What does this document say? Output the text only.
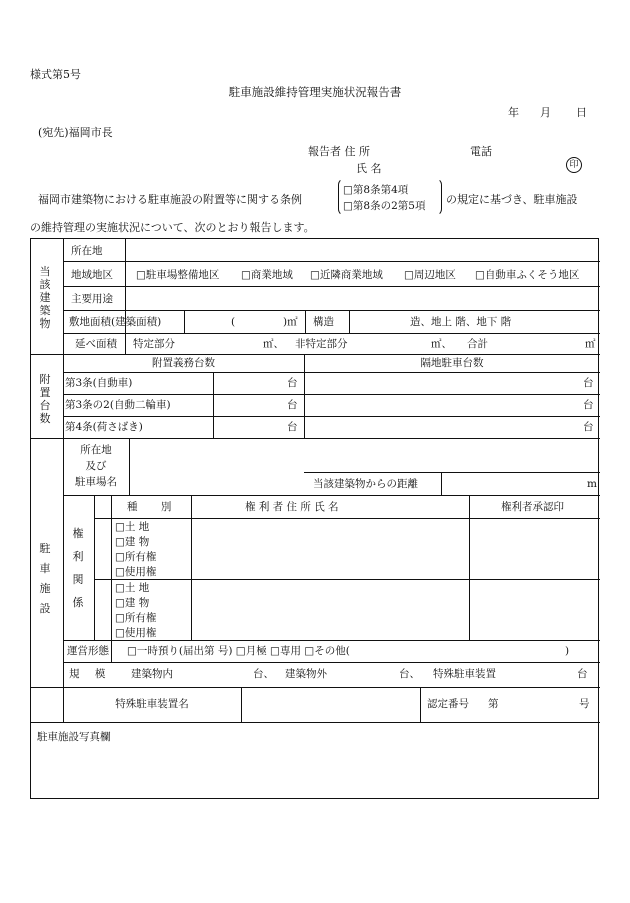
様式第5号
駐車施設維持管理実施状況報告書
年 月 日
(宛先)福岡市長
報告者 住 所	電話
氏 名	印
福岡市建築物における駐車施設の附置等に関する条例
□第8条第4項
□第8条の2第5項 の規定に基づき、駐車施設
の維持管理の実施状況について、次のとおり報告します。
当
該
建
築
物
所在地
地域地区 □駐車場整備地区 □商業地域 □近隣商業地域 □周辺地区 □自動車ふくそう地区
主要用途
敷地面積(建築面積)	(	)㎡ 構造	造、地上 階、地下 階
延べ面積 特定部分	㎡、 非特定部分	㎡、 合計	㎡
附
置
台
数
附置義務台数	隔地駐車台数
第3条(自動車)	台	台
第3条の2(自動二輪車)	台	台
第4条(荷さばき)	台	台
駐
車
施
設
所在地
及び
駐車場名	当該建築物からの距離	m
権
利
関
係
種 別	権 利 者 住 所 氏 名	権利者承認印
□土 地
□建 物
□所有権
□使用権
□土 地
□建 物
□所有権
□使用権
運営形態 □一時預り(届出第 号) □月極 □専用 □その他(	)
規 模 建築物内	台、 建築物外	台、 特殊駐車装置	台
特殊駐車装置名	認定番号 第	号
駐車施設写真欄
